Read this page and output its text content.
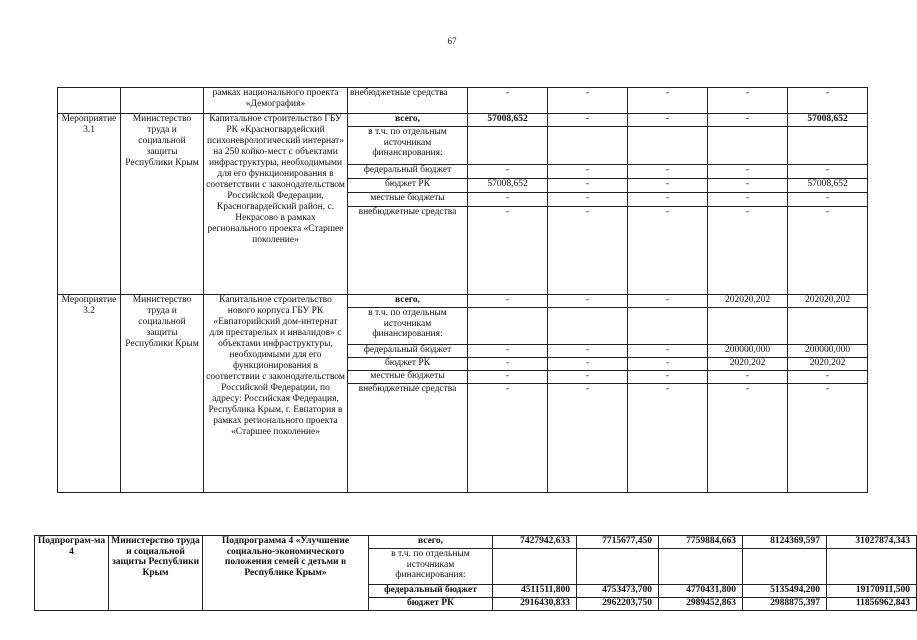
67
		рамках национального проекта «Демография»	внебюджетные средства	-	-	-	-	-
Мероприятие 3.1	Министерство труда и социальной защиты Республики Крым	Капитальное строительство ГБУ РК «Красногвардейский психоневрологический интернат» на 250 койко-мест с объектами инфраструктуры, необходимыми для его функционирования в соответствии с законодательством Российской Федерации, Красногвардейский район, с. Некрасово в рамках регионального проекта «Старшее поколение»	всего,	57008,652	-	-	-	57008,652
			в т.ч. по отдельным источникам финансирования:					
			федеральный бюджет	-	-	-	-	-
			бюджет РК	57008,652	-	-	-	57008,652
			местные бюджеты	-	-	-	-	-
			внебюджетные средства	-	-	-	-	-
Мероприятие 3.2	Министерство труда и социальной защиты Республики Крым	Капитальное строительство нового корпуса ГБУ РК «Евпаторийский дом-интернат для престарелых и инвалидов» с объектами инфраструктуры, необходимыми для его функционирования в соответствии с законодательством Российской Федерации, по адресу: Российская Федерация, Республика Крым, г. Евпатория в рамках регионального проекта «Старшее поколение»	всего,	-	-	-	202020,202	202020,202
			в т.ч. по отдельным источникам финансирования:					
			федеральный бюджет	-	-	-	200000,000	200000,000
			бюджет РК	-	-	-	2020,202	2020,202
			местные бюджеты	-	-	-	-	-
			внебюджетные средства	-	-	-	-	-
Подпрограм-ма 4	Министерство труда и социальной защиты Республики Крым	Подпрограмма 4 «Улучшение социально-экономического положения семей с детьми в Республике Крым»	всего,	7427942,633	7715677,450	7759884,663	8124369,597	31027874,343
			в т.ч. по отдельным источникам финансирования:					
			федеральный бюджет	4511511,800	4753473,700	4770431,800	5135494,200	19170911,500
			бюджет РК	2916430,833	2962203,750	2989452,863	2988875,397	11856962,843
